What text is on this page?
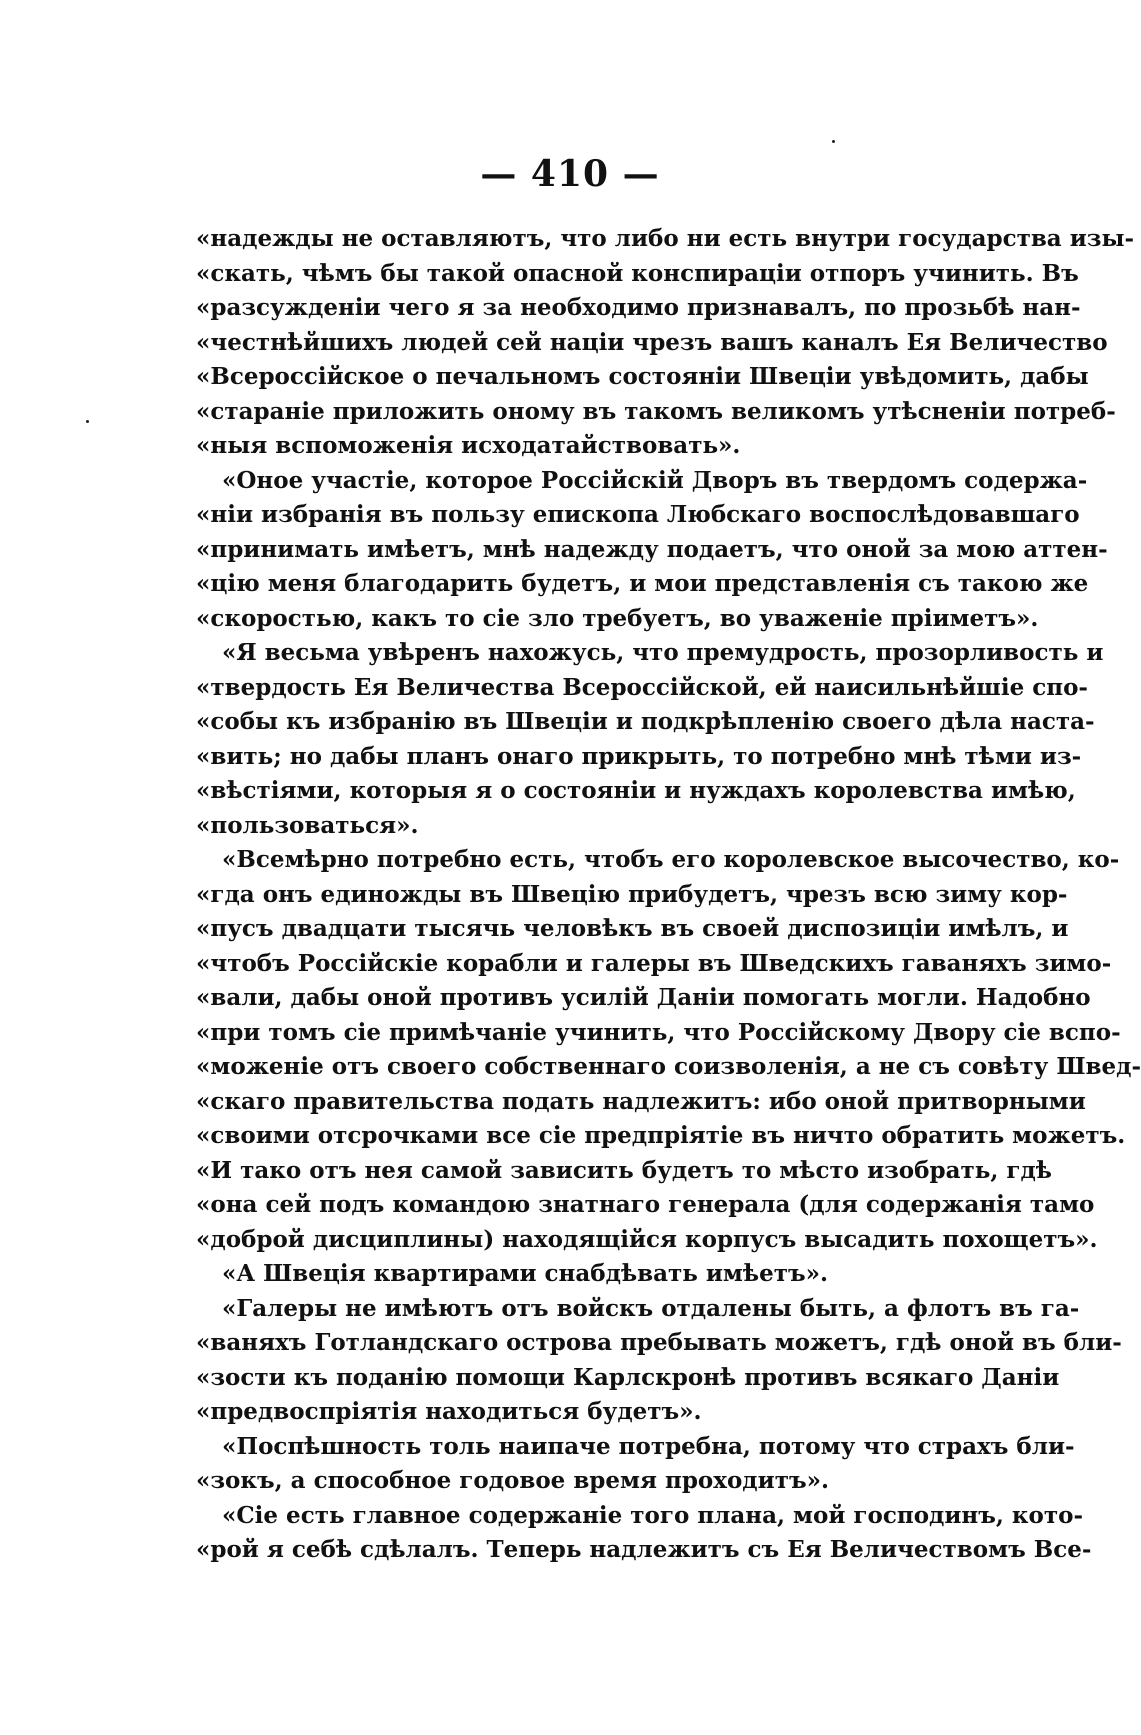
— 410 —
«надежды не оставляютъ, что либо ни есть внутри государства изы-
«скать, чѣмъ бы такой опасной конспираціи отпоръ учинить. Въ
«разсужденіи чего я за необходимо признавалъ, по прозьбѣ нан-
«честнѣйшихъ людей сей націи чрезъ вашъ каналъ Ея Величество
«Всероссійское о печальномъ состояніи Швеціи увѣдомить, дабы
«стараніе приложить оному въ такомъ великомъ утѣсненіи потреб-
«ныя вспоможенія исходатайствовать».
«Оное участіе, которое Россійскій Дворъ въ твердомъ содержа-
«ніи избранія въ пользу епископа Любскаго воспослѣдовавшаго
«принимать имѣетъ, мнѣ надежду подаетъ, что оной за мою аттен-
«цію меня благодарить будетъ, и мои представленія съ такою же
«скоростью, какъ то сіе зло требуетъ, во уваженіе пріиметъ».
«Я весьма увѣренъ нахожусь, что премудрость, прозорливость и
«твердость Ея Величества Всероссійской, ей наисильнѣйшіе спо-
«собы къ избранію въ Швеціи и подкрѣпленію своего дѣла наста-
«вить; но дабы планъ онаго прикрыть, то потребно мнѣ тѣми из-
«вѣстіями, которыя я о состояніи и нуждахъ королевства имѣю,
«пользоваться».
«Всемѣрно потребно есть, чтобъ его королевское высочество, ко-
«гда онъ единожды въ Швецію прибудетъ, чрезъ всю зиму кор-
«пусъ двадцати тысячь человѣкъ въ своей диспозиціи имѣлъ, и
«чтобъ Россійскіе корабли и галеры въ Шведскихъ гаваняхъ зимо-
«вали, дабы оной противъ усилій Даніи помогать могли. Надобно
«при томъ сіе примѣчаніе учинить, что Россійскому Двору сіе вспо-
«моженіе отъ своего собственнаго соизволенія, а не съ совѣту Швед-
«скаго правительства подать надлежитъ: ибо оной притворными
«своими отсрочками все сіе предпріятіе въ ничто обратить можетъ.
«И тако отъ нея самой зависить будетъ то мѣсто изобрать, гдѣ
«она сей подъ командою знатнаго генерала (для содержанія тамо
«доброй дисциплины) находящійся корпусъ высадить похощетъ».
«А Швеція квартирами снабдѣвать имѣетъ».
«Галеры не имѣютъ отъ войскъ отдалены быть, а флотъ въ га-
«ваняхъ Готландскаго острова пребывать можетъ, гдѣ оной въ бли-
«зости къ поданію помощи Карлскронѣ противъ всякаго Даніи
«предвоспріятія находиться будетъ».
«Поспѣшность толь наипаче потребна, потому что страхъ бли-
«зокъ, а способное годовое время проходитъ».
«Сіе есть главное содержаніе того плана, мой господинъ, кото-
«рой я себѣ сдѣлалъ. Теперь надлежитъ съ Ея Величествомъ Все-
